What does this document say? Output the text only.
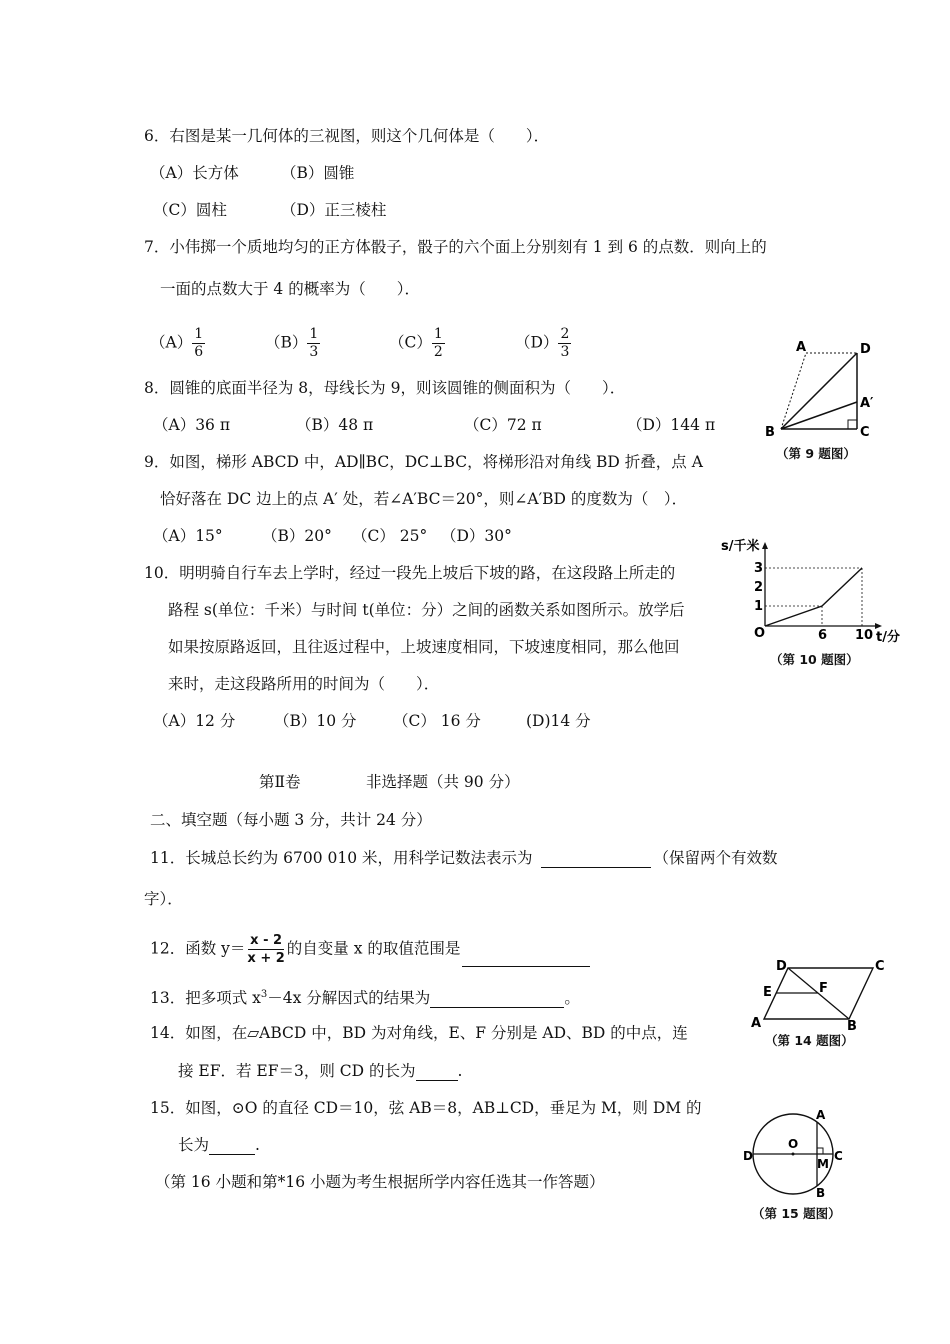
6．右图是某一几何体的三视图，则这个几何体是（　　）．
（A）长方体	（B）圆锥
（C）圆柱	（D）正三棱柱
7．小伟掷一个质地均匀的正方体骰子，骰子的六个面上分别刻有 1 到 6 的点数．则向上的
一面的点数大于 4 的概率为（　　）．
$(A) \frac{1}{6}$	$(B) \frac{1}{3}$	$(C) \frac{1}{2}$	$(D) \frac{2}{3}$
8．圆锥的底面半径为 8，母线长为 9，则该圆锥的侧面积为（　　）．
（A）36 π	（B）48 π	（C）72 π	（D）144 π
9．如图，梯形 ABCD 中，AD∥BC，DC⊥BC，将梯形沿对角线 BD 折叠，点 A
恰好落在 DC 边上的点 A′ 处，若∠A′BC＝20°，则∠A′BD 的度数为（　）．
（A）15°	（B）20° （C） 25° （D）30°
10．明明骑自行车去上学时，经过一段先上坡后下坡的路，在这段路上所走的
路程 s(单位：千米）与时间 t(单位：分）之间的函数关系如图所示。放学后
如果按原路返回，且往返过程中，上坡速度相同，下坡速度相同，那么他回
来时，走这段路所用的时间为（　　）．
（A）12 分 （B）10 分 （C） 16 分	(D)14 分
第Ⅱ卷	非选择题（共 90 分）
二、填空题（每小题 3 分，共计 24 分）
11．长城总长约为 6700 010 米，用科学记数法表示为	（保留两个有效数
字）．
12．函数 $y= \frac{x - 2}{x + 2}$ 的自变量 x 的取值范围是
13．把多项式 $x^3-4x$ 分解因式的结果为	。
14．如图，在▱ABCD 中，BD 为对角线，E、F 分别是 AD、BD 的中点，连
接 EF．若 EF＝3，则 CD 的长为	.
15．如图，⊙O 的直径 CD＝10，弦 AB＝8，AB⊥CD，垂足为 M，则 DM 的
长为	.
（第 16 小题和第*16 小题为考生根据所学内容任选其一作答题）
A	D
A′
B	C
（第 9 题图）
s/千米
3
2
1
O	6 10 t/分
（第 10 题图）
D	C
E	F
A	B
（第 14 题图）
O
D	C
A
B
M
（第 15 题图）
